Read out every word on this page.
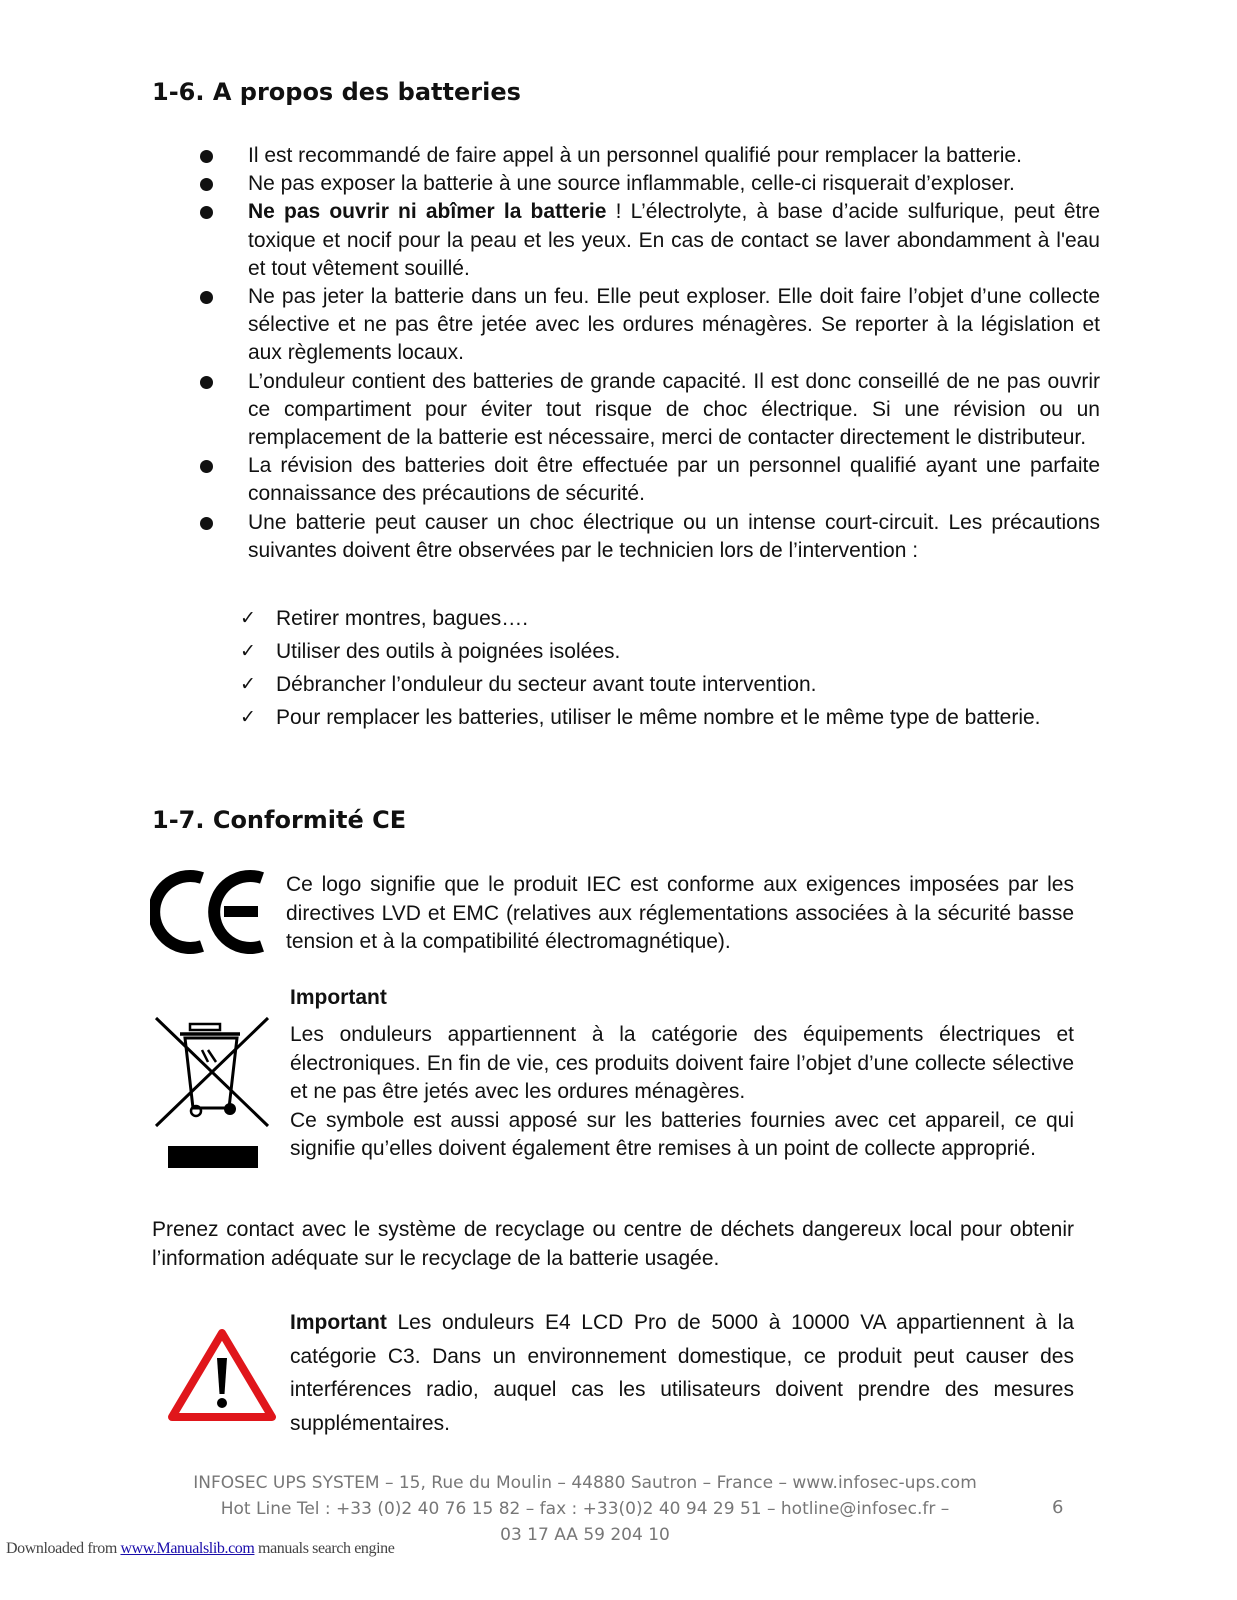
1-6. A propos des batteries
Il est recommandé de faire appel à un personnel qualifié pour remplacer la batterie.
Ne pas exposer la batterie à une source inflammable, celle-ci risquerait d’exploser.
Ne pas ouvrir ni abîmer la batterie ! L’électrolyte, à base d’acide sulfurique, peut être toxique et nocif pour la peau et les yeux. En cas de contact se laver abondamment à l'eau et tout vêtement souillé.
Ne pas jeter la batterie dans un feu. Elle peut exploser. Elle doit faire l’objet d’une collecte sélective et ne pas être jetée avec les ordures ménagères. Se reporter à la législation et aux règlements locaux.
L’onduleur contient des batteries de grande capacité. Il est donc conseillé de ne pas ouvrir ce compartiment pour éviter tout risque de choc électrique. Si une révision ou un remplacement de la batterie est nécessaire, merci de contacter directement le distributeur.
La révision des batteries doit être effectuée par un personnel qualifié ayant une parfaite connaissance des précautions de sécurité.
Une batterie peut causer un choc électrique ou un intense court-circuit. Les précautions suivantes doivent être observées par le technicien lors de l’intervention :
✓ Retirer montres, bagues….
✓ Utiliser des outils à poignées isolées.
✓ Débrancher l’onduleur du secteur avant toute intervention.
✓ Pour remplacer les batteries, utiliser le même nombre et le même type de batterie.
1-7. Conformité CE
Ce logo signifie que le produit IEC est conforme aux exigences imposées par les directives LVD et EMC (relatives aux réglementations associées à la sécurité basse tension et à la compatibilité électromagnétique).
Important
Les onduleurs appartiennent à la catégorie des équipements électriques et électroniques. En fin de vie, ces produits doivent faire l’objet d’une collecte sélective et ne pas être jetés avec les ordures ménagères.
Ce symbole est aussi apposé sur les batteries fournies avec cet appareil, ce qui signifie qu’elles doivent également être remises à un point de collecte approprié.
Prenez contact avec le système de recyclage ou centre de déchets dangereux local pour obtenir l’information adéquate sur le recyclage de la batterie usagée.
Important Les onduleurs E4 LCD Pro de 5000 à 10000 VA appartiennent à la catégorie C3. Dans un environnement domestique, ce produit peut causer des interférences radio, auquel cas les utilisateurs doivent prendre des mesures supplémentaires.
INFOSEC UPS SYSTEM – 15, Rue du Moulin – 44880 Sautron – France – www.infosec-ups.com
Hot Line Tel : +33 (0)2 40 76 15 82 – fax : +33(0)2 40 94 29 51 – hotline@infosec.fr –
03 17 AA 59 204 10
6
Downloaded from www.Manualslib.com manuals search engine
